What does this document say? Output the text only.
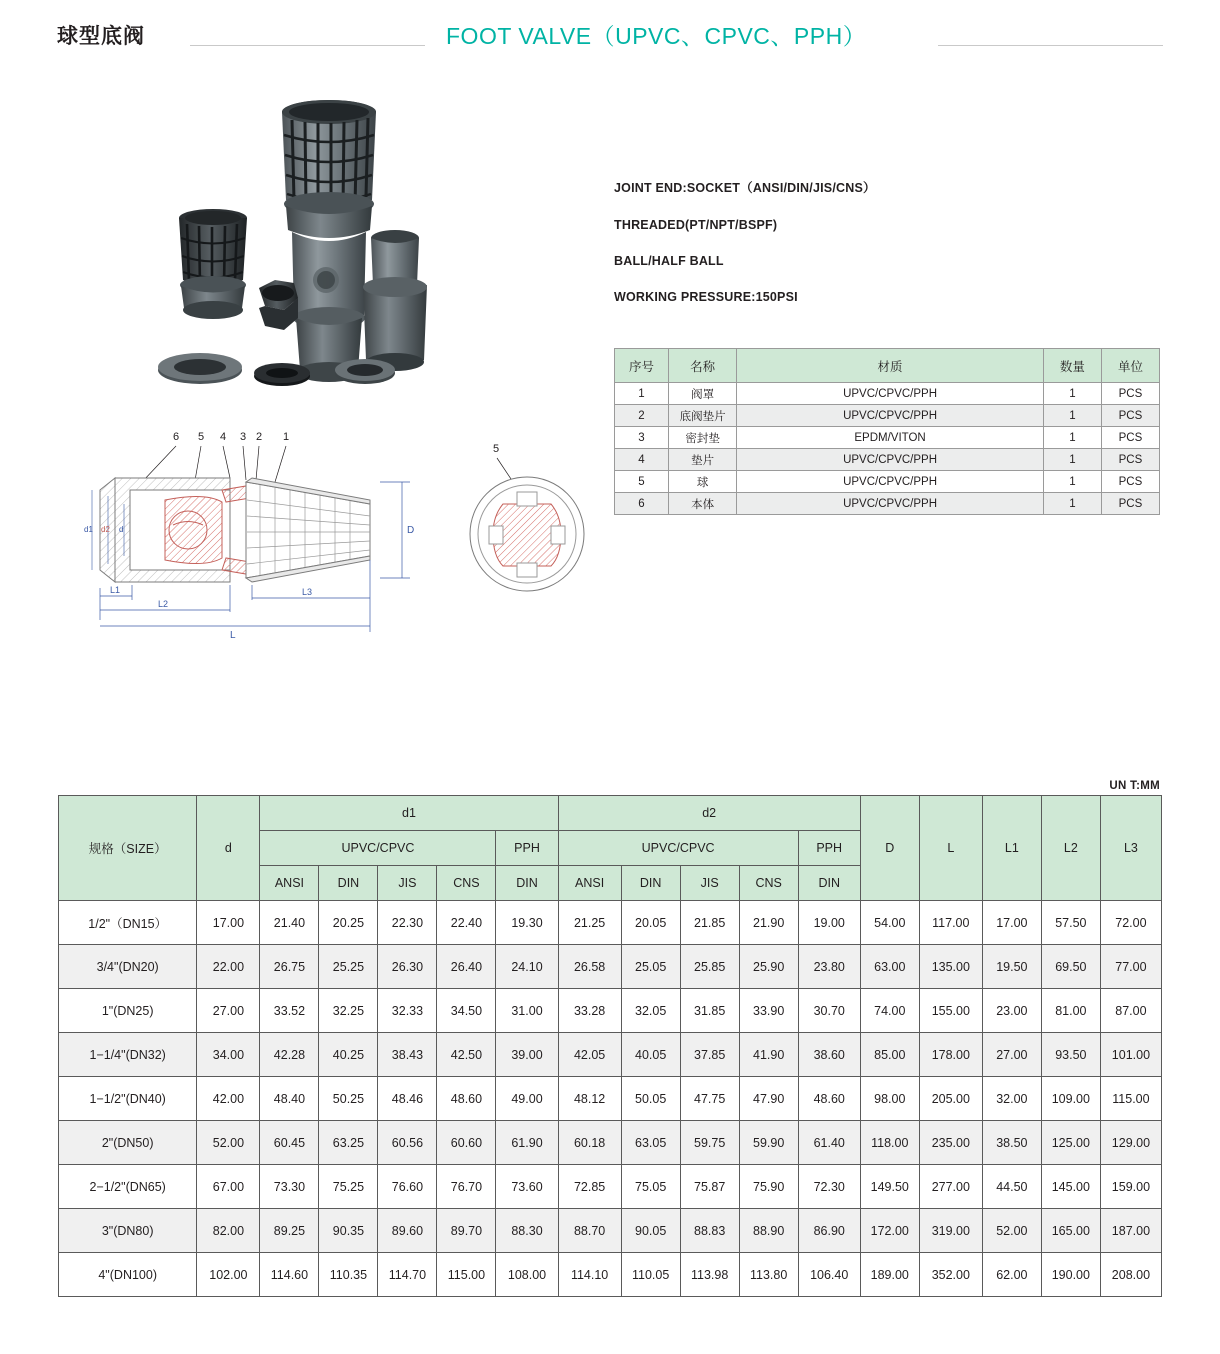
球型底阀	FOOT VALVE（UPVC、CPVC、PPH）
6 5 4 3 2 1
D
d1 d2 d
L1
L2
L3
L
5

JOINT END:SOCKET（ANSI/DIN/JIS/CNS）

THREADED(PT/NPT/BSPF)

BALL/HALF BALL

WORKING PRESSURE:150PSI

序号	名称	材质	数量	单位
1	阀罩	UPVC/CPVC/PPH	1	PCS
2	底阀垫片	UPVC/CPVC/PPH	1	PCS
3	密封垫	EPDM/VITON	1	PCS
4	垫片	UPVC/CPVC/PPH	1	PCS
5	球	UPVC/CPVC/PPH	1	PCS
6	本体	UPVC/CPVC/PPH	1	PCS
UN T:MM
规格（SIZE）	d	d1					d2					D	L	L1	L2	L3
		UPVC/CPVC				PPH	UPVC/CPVC				PPH					
		ANSI	DIN	JIS	CNS	DIN	ANSI	DIN	JIS	CNS	DIN					
1/2"（DN15）	17.00	21.40	20.25	22.30	22.40	19.30	21.25	20.05	21.85	21.90	19.00	54.00	117.00	17.00	57.50	72.00
3/4"(DN20)	22.00	26.75	25.25	26.30	26.40	24.10	26.58	25.05	25.85	25.90	23.80	63.00	135.00	19.50	69.50	77.00
1"(DN25)	27.00	33.52	32.25	32.33	34.50	31.00	33.28	32.05	31.85	33.90	30.70	74.00	155.00	23.00	81.00	87.00
1−1/4"(DN32)	34.00	42.28	40.25	38.43	42.50	39.00	42.05	40.05	37.85	41.90	38.60	85.00	178.00	27.00	93.50	101.00
1−1/2"(DN40)	42.00	48.40	50.25	48.46	48.60	49.00	48.12	50.05	47.75	47.90	48.60	98.00	205.00	32.00	109.00	115.00
2"(DN50)	52.00	60.45	63.25	60.56	60.60	61.90	60.18	63.05	59.75	59.90	61.40	118.00	235.00	38.50	125.00	129.00
2−1/2"(DN65)	67.00	73.30	75.25	76.60	76.70	73.60	72.85	75.05	75.87	75.90	72.30	149.50	277.00	44.50	145.00	159.00
3"(DN80)	82.00	89.25	90.35	89.60	89.70	88.30	88.70	90.05	88.83	88.90	86.90	172.00	319.00	52.00	165.00	187.00
4"(DN100)	102.00	114.60	110.35	114.70	115.00	108.00	114.10	110.05	113.98	113.80	106.40	189.00	352.00	62.00	190.00	208.00
